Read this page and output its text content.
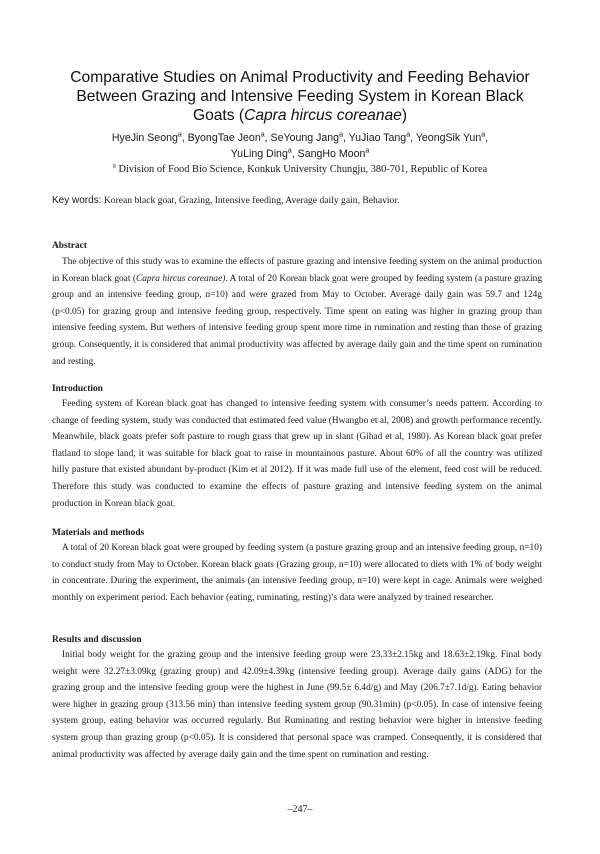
Comparative Studies on Animal Productivity and Feeding Behavior
Between Grazing and Intensive Feeding System in Korean Black
Goats (Capra hircus coreanae)
HyeJin Seong$^a$, ByongTae Jeon$^a$, SeYoung Jang$^a$, YuJiao Tang$^a$, YeongSik Yun$^a$,
YuLing Ding$^a$, SangHo Moon$^a$
$^a$ Division of Food Bio Science, Konkuk University Chungju, 380-701, Republic of Korea
Key words: Korean black goat, Grazing, Intensive feeding, Average daily gain, Behavior.
Abstract

The objective of this study was to examine the effects of pasture grazing and intensive feeding system on the animal production in Korean black goat (Capra hircus coreanae). A total of 20 Korean black goat were grouped by feeding system (a pasture grazing group and an intensive feeding group, n=10) and were grazed from May to October. Average daily gain was 59.7 and 124g (p<0.05) for grazing group and intensive feeding group, respectively. Time spent on eating was higher in grazing group than intensive feeding system. But wethers of intensive feeding group spent more time in rumination and resting than those of grazing group. Consequently, it is considered that animal productivity was affected by average daily gain and the time spent on rumination and resting.

Introduction

Feeding system of Korean black goat has changed to intensive feeding system with consumer’s needs pattern. According to change of feeding system, study was conducted that estimated feed value (Hwangbo et al, 2008) and growth performance recently. Meanwhile, black goats prefer soft pasture to rough grass that grew up in slant (Gihad et al, 1980). As Korean black goat prefer flatland to slope land, it was suitable for black goat to raise in mountainous pasture. About 60% of all the country was utilized hilly pasture that existed abundant by-product (Kim et al 2012). If it was made full use of the element, feed cost will be reduced. Therefore this study was conducted to examine the effects of pasture grazing and intensive feeding system on the animal production in Korean black goat.

Materials and methods

A total of 20 Korean black goat were grouped by feeding system (a pasture grazing group and an intensive feeding group, n=10) to conduct study from May to October. Korean black goats (Grazing group, n=10) were allocated to diets with 1% of body weight in concentrate. During the experiment, the animals (an intensive feeding group, n=10) were kept in cage. Animals were weighed monthly on experiment period. Each behavior (eating, ruminating, resting)’s data were analyzed by trained researcher.

Results and discussion

Initial body weight for the grazing group and the intensive feeding group were 23.33±2.15kg and 18.63±2.19kg. Final body weight were 32.27±3.09kg (grazing group) and 42.09±4.39kg (intensive feeding group). Average daily gains (ADG) for the grazing group and the intensive feeding group were the highest in June (99.5± 6.4d/g) and May (206.7±7.1d/g). Eating behavior were higher in grazing group (313.56 min) than intensive feeding system group (90.31min) (p<0.05). In case of intensive feeing system group, eating behavior was occurred regularly. But Ruminating and resting behavior were higher in intensive feeding system group than grazing group (p<0.05). It is considered that personal space was cramped. Consequently, it is considered that animal productivity was affected by average daily gain and the time spent on rumination and resting.

–247–
